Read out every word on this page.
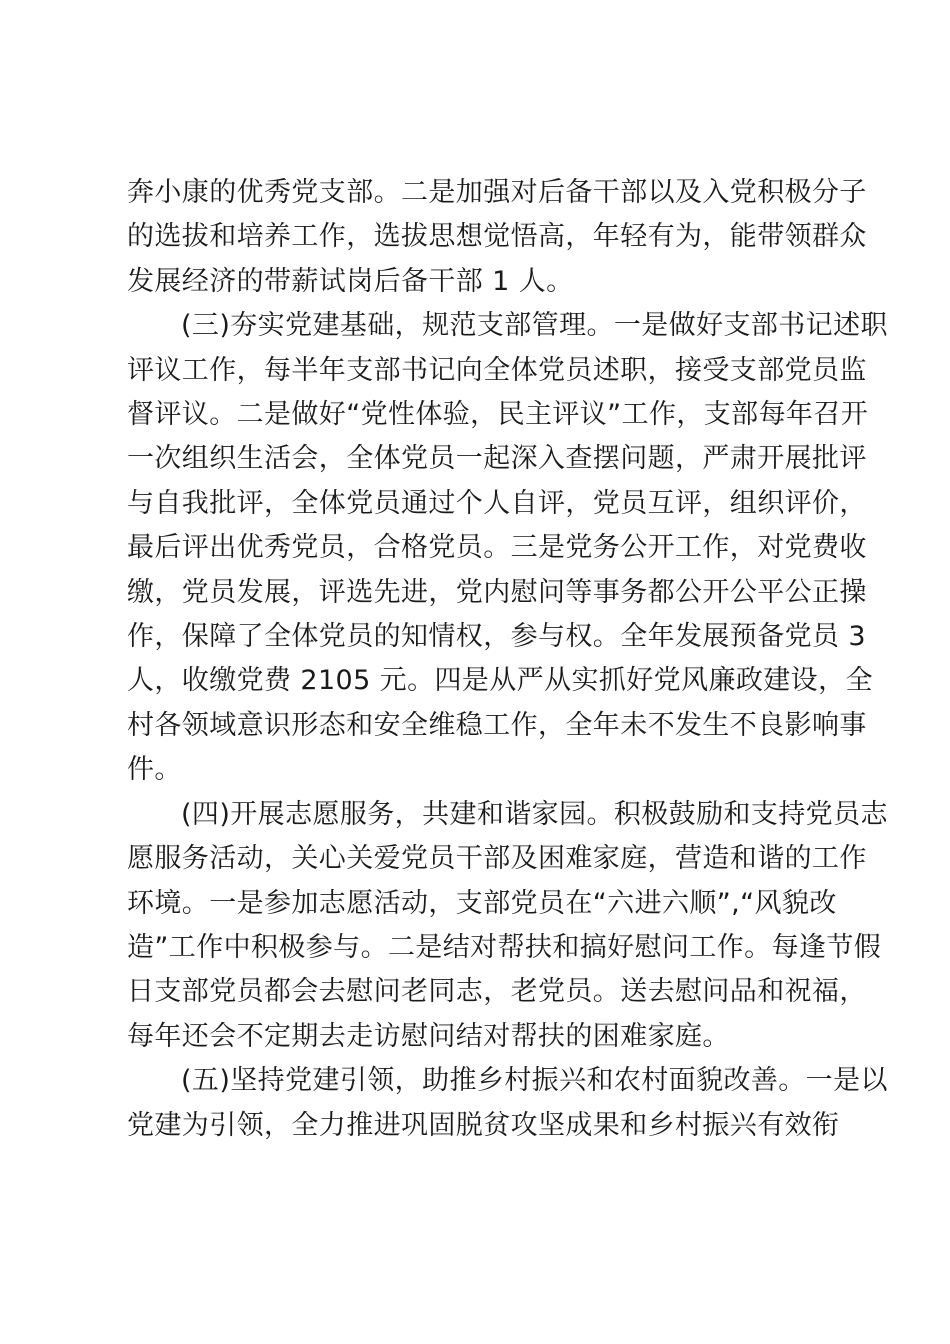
奔小康的优秀党支部。二是加强对后备干部以及入党积极分子
的选拔和培养工作，选拔思想觉悟高，年轻有为，能带领群众
发展经济的带薪试岗后备干部 1 人。
(三)夯实党建基础，规范支部管理。一是做好支部书记述职
评议工作，每半年支部书记向全体党员述职，接受支部党员监
督评议。二是做好“党性体验，民主评议”工作，支部每年召开
一次组织生活会，全体党员一起深入查摆问题，严肃开展批评
与自我批评，全体党员通过个人自评，党员互评，组织评价，
最后评出优秀党员，合格党员。三是党务公开工作，对党费收
缴，党员发展，评选先进，党内慰问等事务都公开公平公正操
作，保障了全体党员的知情权，参与权。全年发展预备党员 3
人，收缴党费 2105 元。四是从严从实抓好党风廉政建设，全
村各领域意识形态和安全维稳工作，全年未不发生不良影响事
件。
(四)开展志愿服务，共建和谐家园。积极鼓励和支持党员志
愿服务活动，关心关爱党员干部及困难家庭，营造和谐的工作
环境。一是参加志愿活动，支部党员在“六进六顺”,“风貌改
造”工作中积极参与。二是结对帮扶和搞好慰问工作。每逢节假
日支部党员都会去慰问老同志，老党员。送去慰问品和祝福，
每年还会不定期去走访慰问结对帮扶的困难家庭。
(五)坚持党建引领，助推乡村振兴和农村面貌改善。一是以
党建为引领，全力推进巩固脱贫攻坚成果和乡村振兴有效衔
